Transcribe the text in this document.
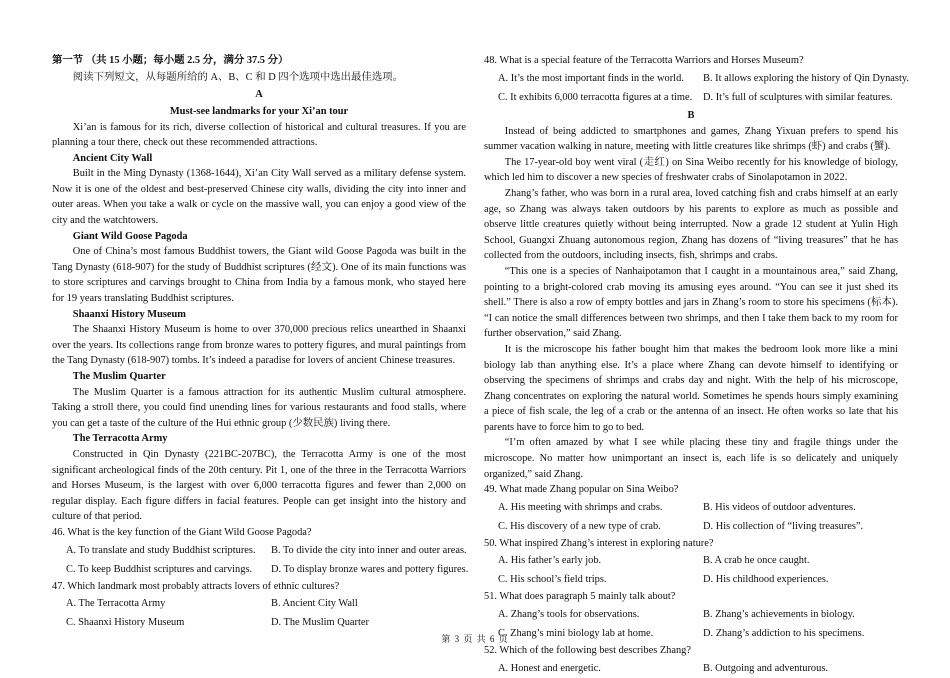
第一节 （共 15 小题；每小题 2.5 分，满分 37.5 分）
阅读下列短文，从每题所给的 A、B、C 和 D 四个选项中选出最佳选项。
A
Must-see landmarks for your Xi’an tour
Xi’an is famous for its rich, diverse collection of historical and cultural treasures. If you are planning a tour there, check out these recommended attractions.
Ancient City Wall
Built in the Ming Dynasty (1368-1644), Xi’an City Wall served as a military defense system. Now it is one of the oldest and best-preserved Chinese city walls, dividing the city into inner and outer areas. When you take a walk or cycle on the massive wall, you can enjoy a good view of the city and the watchtowers.
Giant Wild Goose Pagoda
One of China’s most famous Buddhist towers, the Giant wild Goose Pagoda was built in the Tang Dynasty (618-907) for the study of Buddhist scriptures (经文). One of its main functions was to store scriptures and carvings brought to China from India by a famous monk, who stayed here for 19 years translating Buddhist scriptures.
Shaanxi History Museum
The Shaanxi History Museum is home to over 370,000 precious relics unearthed in Shaanxi over the years. Its collections range from bronze wares to pottery figures, and mural paintings from the Tang Dynasty (618-907) tombs. It’s indeed a paradise for lovers of ancient Chinese treasures.
The Muslim Quarter
The Muslim Quarter is a famous attraction for its authentic Muslim cultural atmosphere. Taking a stroll there, you could find unending lines for various restaurants and food stalls, where you can get a taste of the culture of the Hui ethnic group (少数民族) living there.
The Terracotta Army
Constructed in Qin Dynasty (221BC-207BC), the Terracotta Army is one of the most significant archeological finds of the 20th century. Pit 1, one of the three in the Terracotta Warriors and Horses Museum, is the largest with over 6,000 terracotta figures and fewer than 2,000 on regular display. Each figure differs in facial features. People can get insight into the history and culture of that period.
46. What is the key function of the Giant Wild Goose Pagoda?
A. To translate and study Buddhist scriptures.	B. To divide the city into inner and outer areas.
C. To keep Buddhist scriptures and carvings.	D. To display bronze wares and pottery figures.
47. Which landmark most probably attracts lovers of ethnic cultures?
A. The Terracotta Army	B. Ancient City Wall
C. Shaanxi History Museum	D. The Muslim Quarter
48. What is a special feature of the Terracotta Warriors and Horses Museum?
A. It’s the most important finds in the world.	B. It allows exploring the history of Qin Dynasty.
C. It exhibits 6,000 terracotta figures at a time.	D. It’s full of sculptures with similar features.
B
Instead of being addicted to smartphones and games, Zhang Yixuan prefers to spend his summer vacation walking in nature, meeting with little creatures like shrimps (虾) and crabs (蟹).
The 17-year-old boy went viral (走红) on Sina Weibo recently for his knowledge of biology, which led him to discover a new species of freshwater crabs of Sinolapotamon in 2022.
Zhang’s father, who was born in a rural area, loved catching fish and crabs himself at an early age, so Zhang was always taken outdoors by his parents to explore as much as possible and observe little creatures quietly without being interrupted. Now a grade 12 student at Yulin High School, Guangxi Zhuang autonomous region, Zhang has dozens of “living treasures” that he has collected from the outdoors, including insects, fish, shrimps and crabs.
“This one is a species of Nanhaipotamon that I caught in a mountainous area,” said Zhang, pointing to a bright-colored crab moving its amusing eyes around. “You can see it just shed its shell.” There is also a row of empty bottles and jars in Zhang’s room to store his specimens (标本). “I can notice the small differences between two shrimps, and then I take them back to my room for further observation,” said Zhang.
It is the microscope his father bought him that makes the bedroom look more like a mini biology lab than anything else. It’s a place where Zhang can devote himself to identifying or observing the specimens of shrimps and crabs day and night. With the help of his microscope, Zhang concentrates on exploring the natural world. Sometimes he spends hours simply examining a piece of fish scale, the leg of a crab or the antenna of an insect. He often works so late that his parents have to force him to go to bed.
“I’m often amazed by what I see while placing these tiny and fragile things under the microscope. No matter how unimportant an insect is, each life is so delicately and uniquely organized,” said Zhang.
49. What made Zhang popular on Sina Weibo?
A. His meeting with shrimps and crabs.	B. His videos of outdoor adventures.
C. His discovery of a new type of crab.	D. His collection of “living treasures”.
50. What inspired Zhang’s interest in exploring nature?
A. His father’s early job.	B. A crab he once caught.
C. His school’s field trips.	D. His childhood experiences.
51. What does paragraph 5 mainly talk about?
A. Zhang’s tools for observations.	B. Zhang’s achievements in biology.
C. Zhang’s mini biology lab at home.	D. Zhang’s addiction to his specimens.
52. Which of the following best describes Zhang?
A. Honest and energetic.	B. Outgoing and adventurous.
第 3 页 共 6 页
